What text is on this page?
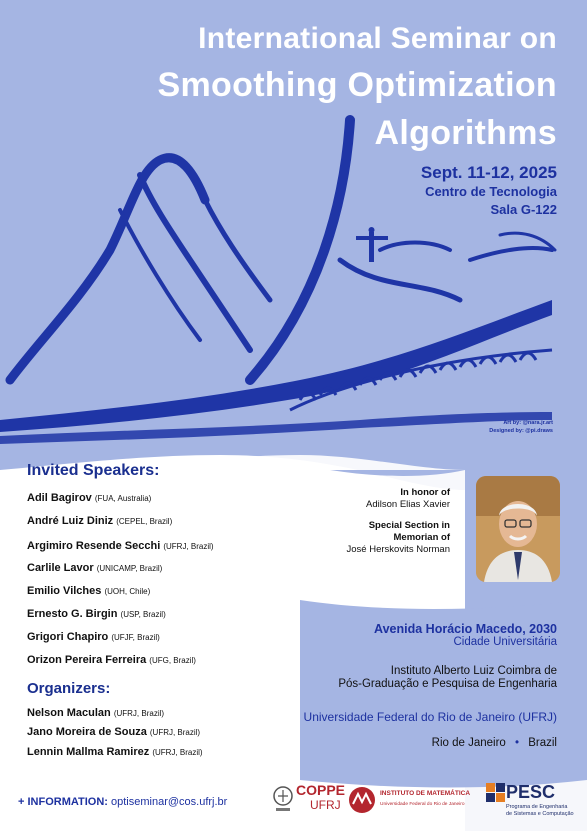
International Seminar on
Smoothing Optimization
Algorithms
Sept. 11-12, 2025
Centro de Tecnologia
Sala G-122
Art by: @nara.jr.art
Designed by: @pi.draws
Invited Speakers:
Adil Bagirov (FUA, Australia)
André Luiz Diniz (CEPEL, Brazil)
Argimiro Resende Secchi (UFRJ, Brazil)
Carlile Lavor (UNICAMP, Brazil)
Emilio Vilches (UOH, Chile)
Ernesto G. Birgin (USP, Brazil)
Grigori Chapiro (UFJF, Brazil)
Orizon Pereira Ferreira (UFG, Brazil)
Organizers:
Nelson Maculan (UFRJ, Brazil)
Jano Moreira de Souza (UFRJ, Brazil)
Lennin Mallma Ramirez (UFRJ, Brazil)
In honor of
Adilson Elias Xavier
Special Section in
Memorian of
José Herskovits Norman
Avenida Horácio Macedo, 2030
Cidade Universitária
Instituto Alberto Luiz Coimbra de
Pós-Graduação e Pesquisa de Engenharia
Universidade Federal do Rio de Janeiro (UFRJ)
Rio de Janeiro • Brazil
+ INFORMATION: optiseminar@cos.ufrj.br
COPPE
UFRJ
INSTITUTO DE MATEMÁTICA
Universidade Federal do Rio de Janeiro
PESC
Programa de Engenharia
de Sistemas e Computação
